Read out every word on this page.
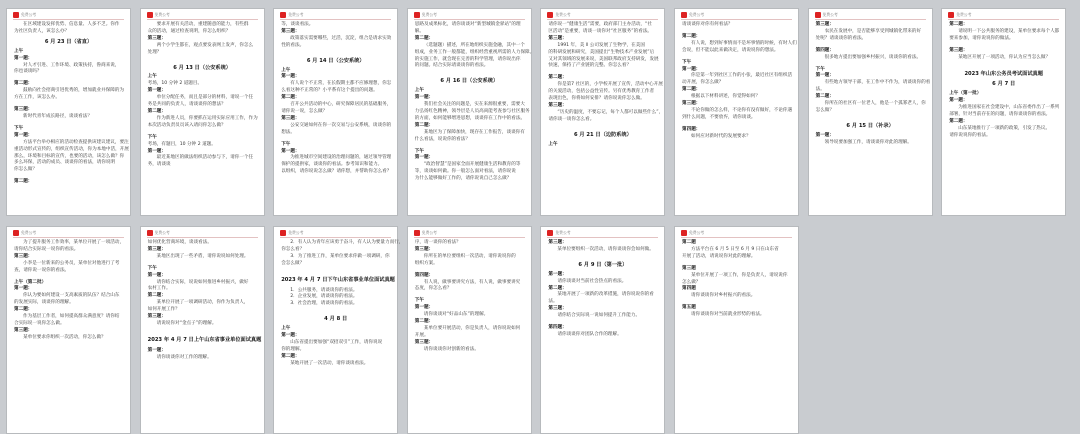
免费公考
在区域建设发挥优势、信息量、人多不乏。你作
为社区负责人，该怎么办？
6 月 23 日（省直）
上午
第一题：
对人才引进、工作环境、政策扶持，鲁商来说，
你也谈谈吗？
第二题：
鼓励向社会招商引进优秀的，增加就业并保障的为
方在工作，该怎么办。
第三题：
新时代青年成长路径，谈谈看法？
下午
第一题：
方法平台举办相应的活动检查提供该建议建议，要注
重活动形式宣传的，组织宣传活动，你为本地中活，开展
那么，环境和目标的宣传，也要的活动，该怎么做？你
多么环保，活动的成员、谈谈你的看法，请你说明
你怎么做？
第二题：
免费公考
要求开展有关活动，重建随意的能力，有些群
众的活动，通过检查说明，你怎么组织？
第三题：
两个小学生都在，观点要发表网上发声，你怎么
处理？
6 月 13 日（公安系统）
上午
考场，10 分钟 2 道题目。
第一题：
单位分配任务，而且是部分的材料，请说一个任
务是共同的负责人，请谈谈你的想法？
第二题：
作为新进人员，你要抓在运用实际应用工作，作为
本次活动负责员员该入请问你怎么做？
下午
考场，有题目，10 分钟 2 道题。
第一题：
最近某地区的做法组织活动参与下，请你一个任
务，请谈谈
免费公考
等，谈谈看法。
第三题：
政策落实需要哪些，过活，沉淀，组合是请求实效
性的看法。
6 月 14 日（公安系统）
上午
第一题：
有人说个不正常，在长假期主都不应修理想，你怎
么看这种不正常的？小平系有这个提出的问题。
第二题：
召开公共活动的中心，研究保障居民的基础服务，
请你说一说，怎么做？
第三题：
公安交通如何在你一次交易与公安系统，谈谈你的
想法。
下午
第一题：
为推进城市空间建设的治理问题的，通过领导管理
保护的提供家，谈谈你的看法。参考知识和能力。
以组织，请你说说怎么做？请你想，并帮助你怎么看？
免费公考
思路及成果标化，请你谈谈对“新型城镇金驿站”的理
解。
第二题：
（选题题）描述，所在地组织实施金融，其中一个
组成，业务工作一般都能，组织经营重视所需的人力保障。
的实施工作，就会现在完善的科学管理，请你说出你
的问题。结合实际请谈谈你的看法。
6 月 16 日（公安系统）
上午
第一题：
我们社会关注的问题是，实在来源很重要，需要大
力弘扬红色精神，领导层是人员高尚能考查参与社区服务
的方面，如何能够增进思想，谈谈你在工作中的看法。
第二题：
某地区为了保障加快，现存在工作报告，谈谈你有
什么看法，说说你的看法？
下午
第一题：
“政治智慧”是国家全面开展健康生活和教育的等
等，谈谈如何做。你一般怎么面对看法，请你说说
为什么能够做好工作的，请你说说自己怎么做？
免费公考
请你说一“健康生活”需要，政府部门主办活动，“社
区活动”是重要，请谈一谈你对“社区服务”的看法。
第三题：
1991 年，美 ll 公司发展了生物学，在美国
的科研发展和研究，美国提出“生物技术产业发展”后
又对其领域的发展来说，美国联邦政府支持研发，发展
快速，保持了产业链的完整。你怎么看？
第二题：
你是第7 社区的，小学校开展了宣传，活动中心开展
的关爱活动，包括公益性宣传。另有优秀教育工作者
表现出色，你将如何安排？请你说说你怎么做。
第三题：
“历史的温度，不要忘记，每个人都可以做些什么”，
请你谈一谈你怎么看。
6 月 21 日（边防系统）
上午
免费公考
请谈谈你对你有何看法？
第二题：
有人说，想到好事情而不是坏事情的时候，有时人们
会说，但不能以此来做决定，请说说你的想法。
下午
第一题：
你是第一年到社区工作的小张，最近社区有组织活
动开展，你怎么做？
第二题：
根据以下材料讲述，你觉得如何？
第三题：
不论你做的怎么样，不论你有没有做好，不论你遇
到什么问题，不要放弃，请你谈谈。
第四题：
如何应对新时代的发展要求？
免费公考
第三题：
农民在发展中，是否能够享受到城镇化带来的好
处呢？请谈谈你的看法。
第四题：
很多地方提出要加强乡村振兴，谈谈你的看法。
下午
第一题：
有些地方领导干部，在工作中不作为，请谈谈你的看
法。
第二题：
你所在的社区有一位老人，他是一个孤寡老人，你
怎么做？
6 月 15 日（补录）
第一题：
领导说要加强工作，请谈谈你对此的理解。
免费公考
第二题：
请说明一下公共服务的建设，某单位要求每个人都
要来参加，请你说说你的做法。
第三题：
某地区开展了一项活动，你认为应当怎么做？
2023 年山东公务员考试面试真题
6 月 7 日
上午（第一批）
第一题：
为推进国家在社会建设中，山东省委作出了一系列
部署，针对当前存在的问题，请你谈谈你的看法。
第二题：
山东某地推行了一项新的政策，引发了热议。
请你说说你的看法。
免费公考
为了提升服务工作效率，某单位开展了一项活动，
请你结合实际说一说你的看法。
第三题：
小李是一位新来的公务员，某单位对他进行了考
查，请你说一说你的看法。
上午（第二批）
第一题：
你认为要如何建设一支高素质的队伍？结合山东
的发展实际，谈谈你的理解。
第二题：
作为基层工作者，如何提高群众满意度？请你结
合实际说一说你怎么做。
第三题：
某单位要求你组织一次活动，你怎么做？
免费公考
如何优化营商环境，谈谈看法。
第三题：
某地区出现了一些矛盾，请你说说如何处理。
下午
第一题：
请你结合实际，说说如何推进乡村振兴，做好
农村工作。
第二题：
某单位开展了一项调研活动，你作为负责人，
如何开展工作？
第三题：
请说说你对“金点子”的理解。
2023 年 4 月 7 日上午山东省事业单位面试真题
第一题：
请你谈谈你对工作的理解。
免费公考
2．有人认为青年应该勇于奋斗，有人认为要量力而行，
你怎么看？
3．为了推进工作，某单位要求你做一项调研，你
会怎么做？
2023 年 4 月 7 日下午山东省事业单位面试真题
1．公共服务，请谈谈你的看法。
2．企业发展，请谈谈你的看法。
3．社会治理，请谈谈你的看法。
4 月 8 日
上午
第一题：
山东省提出要加强“双招双引”工作，请你说说
你的理解。
第二题：
某地开展了一次活动，请你谈谈看法。
免费公考
序，请一谈你的看法？
第三题：
你所在的单位要组织一次活动，请你说说你的
组织方案。
第四题：
有人说，做事要讲究方法，有人说，做事要讲究
态度，你怎么看？
下午
第一题：
请你谈谈对“好品山东”的理解。
第二题：
某单位要开展活动，你是负责人，请你说说如何
开展。
第三题：
请你谈谈你对创新的看法。
免费公考
第三题：
某单位要组织一次活动，请你谈谈你会如何做。
6 月 9 日（第一批）
第一题：
请你谈谈对当前社会热点的看法。
第二题：
某地开展了一项新的改革措施，请你说说你的看
法。
第三题：
请你结合实际说一说如何提升工作能力。
第四题：
请你谈谈你对团队合作的理解。
免费公考
第二题
方法平台在 6 月 5 日至 6 月 9 日在山东省
开展了活动，请说说你对此的理解。
第三题
某单位开展了一项工作，你是负责人，请说说你
怎么做？
第四题
请你谈谈你对乡村振兴的看法。
第五题
请你谈谈你对当前就业形势的看法。
